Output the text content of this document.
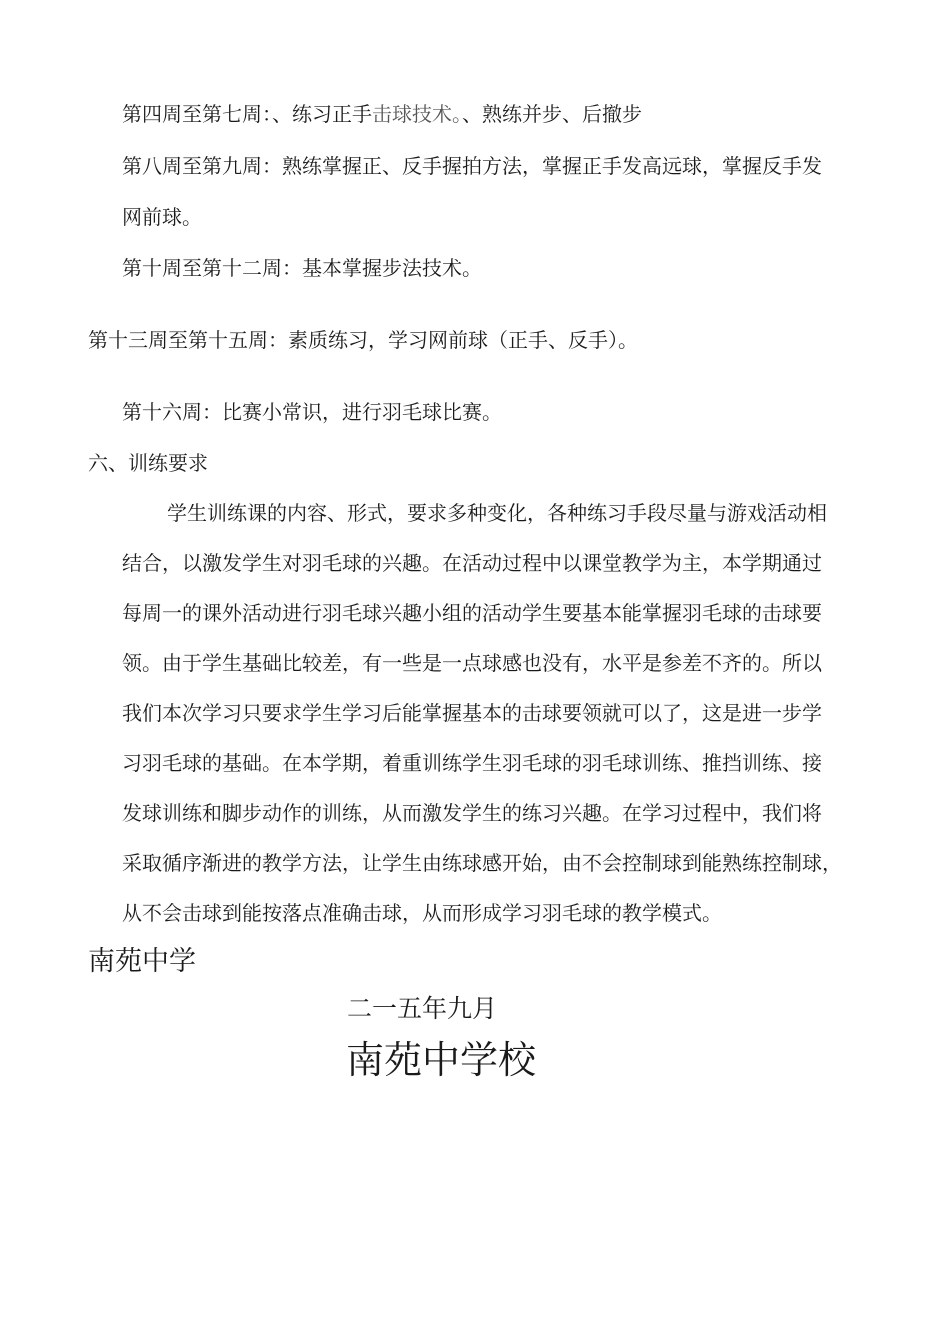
第四周至第七周：、练习正手击球技术。、熟练并步、后撤步
第八周至第九周：熟练掌握正、反手握拍方法，掌握正手发高远球，掌握反手发
网前球。
第十周至第十二周：基本掌握步法技术。
第十三周至第十五周：素质练习，学习网前球（正手、反手）。
第十六周：比赛小常识，进行羽毛球比赛。
六、训练要求
学生训练课的内容、形式，要求多种变化，各种练习手段尽量与游戏活动相
结合，以激发学生对羽毛球的兴趣。在活动过程中以课堂教学为主，本学期通过
每周一的课外活动进行羽毛球兴趣小组的活动学生要基本能掌握羽毛球的击球要
领。由于学生基础比较差，有一些是一点球感也没有，水平是参差不齐的。所以
我们本次学习只要求学生学习后能掌握基本的击球要领就可以了，这是进一步学
习羽毛球的基础。在本学期，着重训练学生羽毛球的羽毛球训练、推挡训练、接
发球训练和脚步动作的训练，从而激发学生的练习兴趣。在学习过程中，我们将
采取循序渐进的教学方法，让学生由练球感开始，由不会控制球到能熟练控制球，
从不会击球到能按落点准确击球，从而形成学习羽毛球的教学模式。
南苑中学
二一五年九月
南苑中学校
